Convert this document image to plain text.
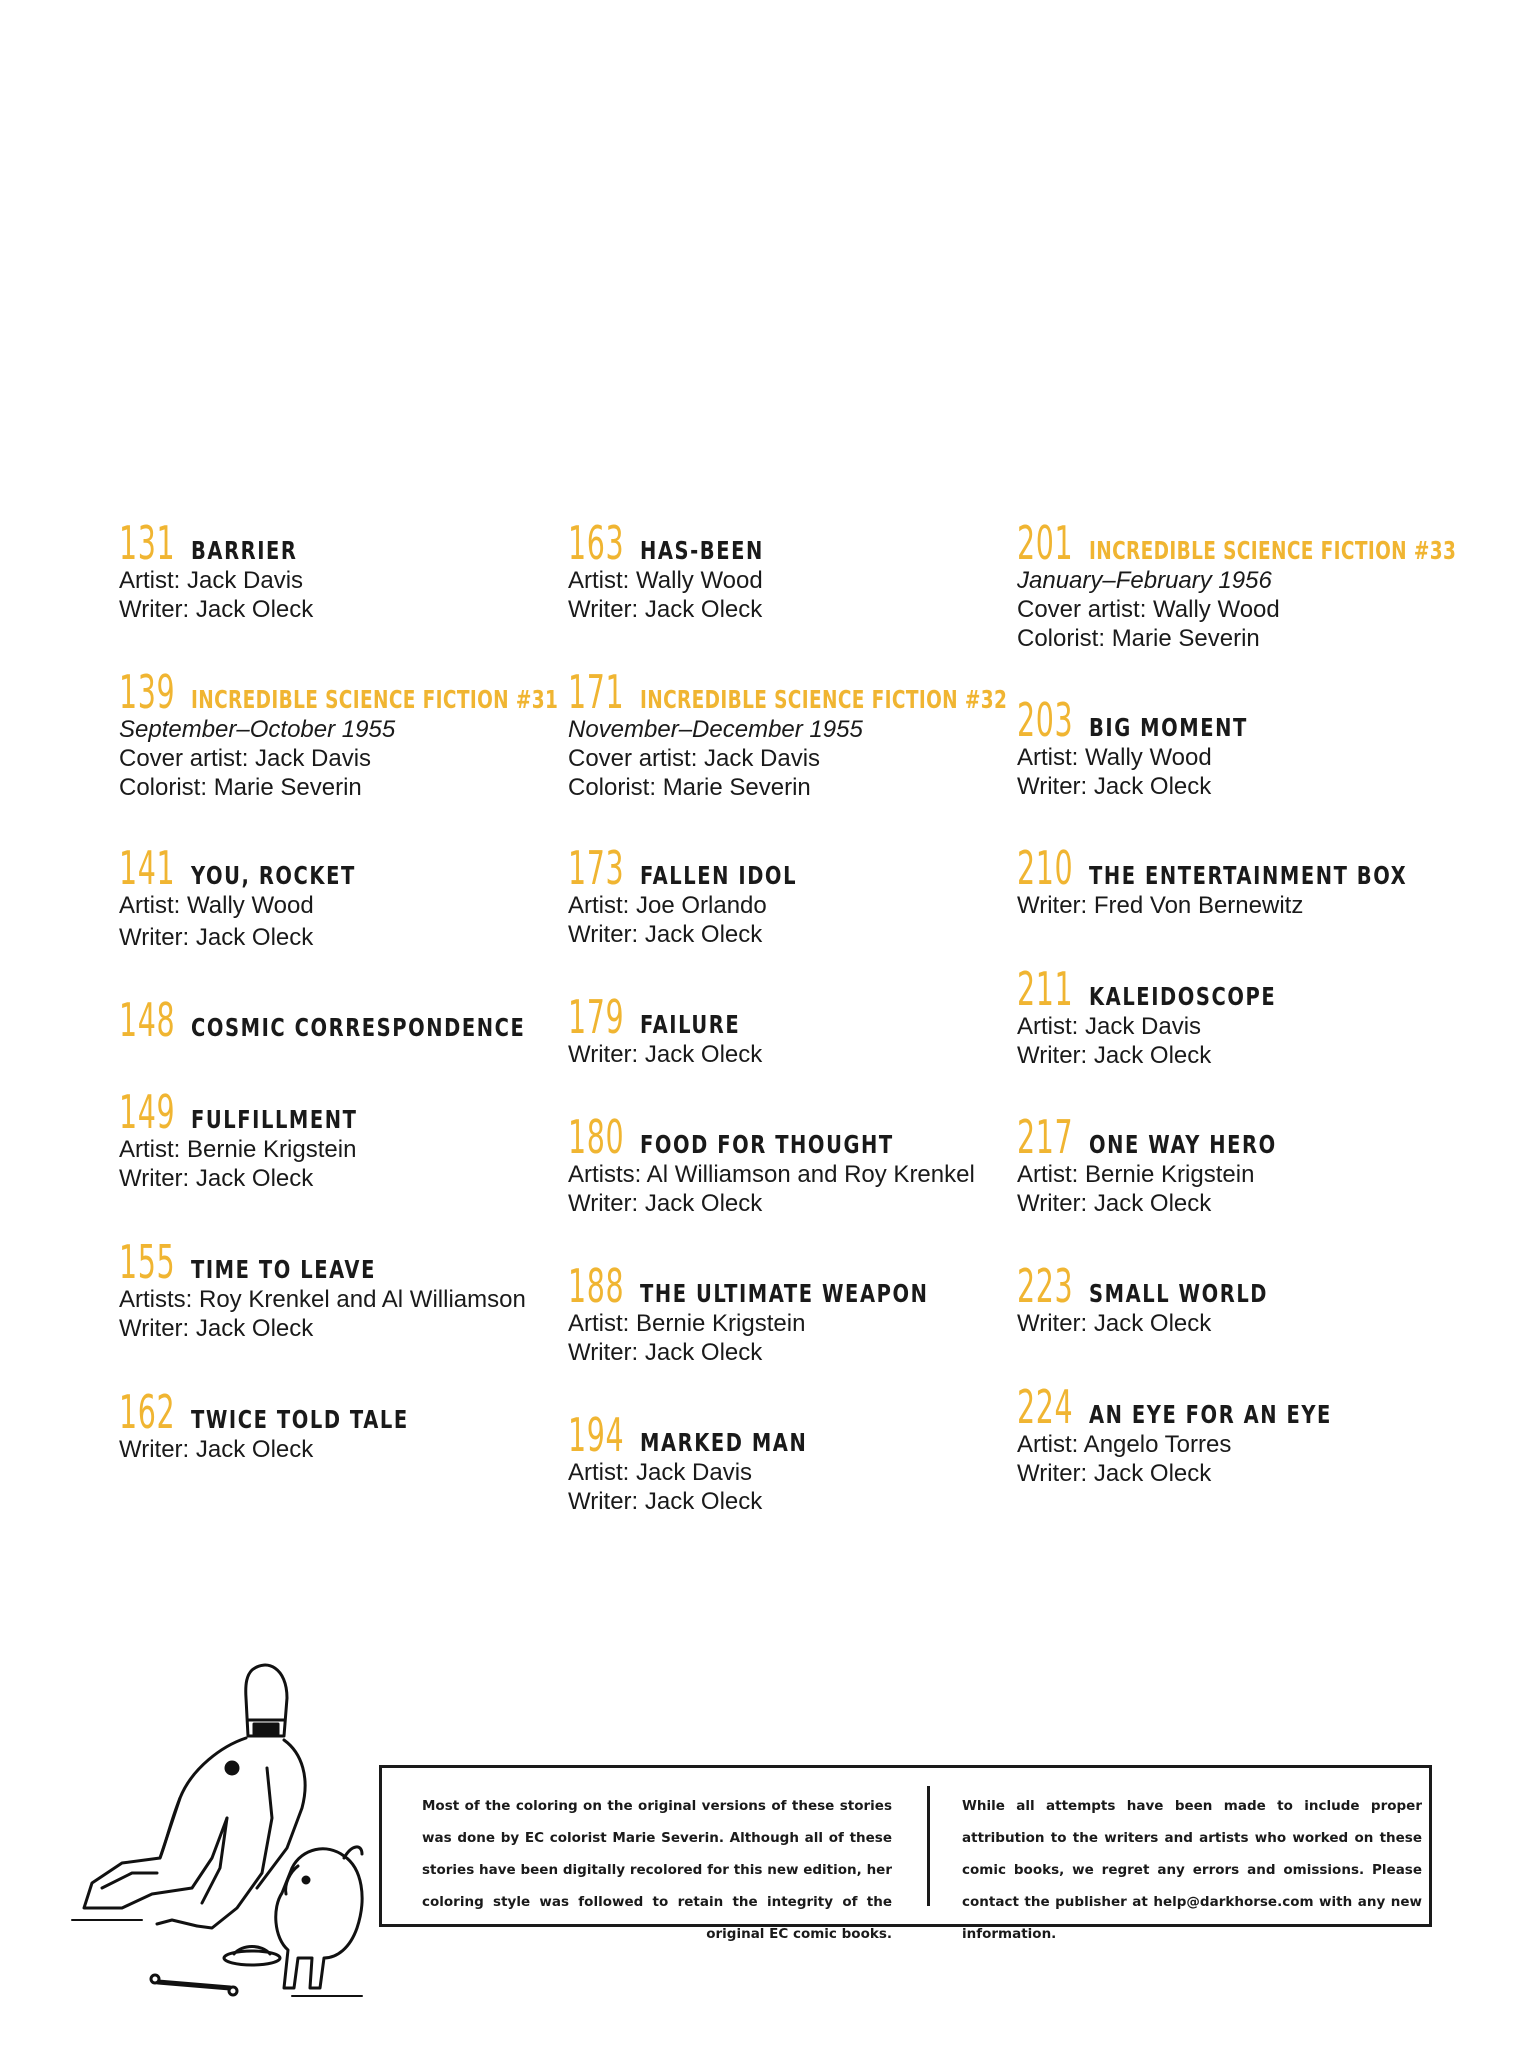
131 BARRIER
Artist: Jack Davis
Writer: Jack Oleck
139 INCREDIBLE SCIENCE FICTION #31
September–October 1955
Cover artist: Jack Davis
Colorist: Marie Severin
141 YOU, ROCKET
Artist: Wally Wood
Writer: Jack Oleck
148 COSMIC CORRESPONDENCE
149 FULFILLMENT
Artist: Bernie Krigstein
Writer: Jack Oleck
155 TIME TO LEAVE
Artists: Roy Krenkel and Al Williamson
Writer: Jack Oleck
162 TWICE TOLD TALE
Writer: Jack Oleck
163 HAS-BEEN
Artist: Wally Wood
Writer: Jack Oleck
171 INCREDIBLE SCIENCE FICTION #32
November–December 1955
Cover artist: Jack Davis
Colorist: Marie Severin
173 FALLEN IDOL
Artist: Joe Orlando
Writer: Jack Oleck
179 FAILURE
Writer: Jack Oleck
180 FOOD FOR THOUGHT
Artists: Al Williamson and Roy Krenkel
Writer: Jack Oleck
188 THE ULTIMATE WEAPON
Artist: Bernie Krigstein
Writer: Jack Oleck
194 MARKED MAN
Artist: Jack Davis
Writer: Jack Oleck
201 INCREDIBLE SCIENCE FICTION #33
January–February 1956
Cover artist: Wally Wood
Colorist: Marie Severin
203 BIG MOMENT
Artist: Wally Wood
Writer: Jack Oleck
210 THE ENTERTAINMENT BOX
Writer: Fred Von Bernewitz
211 KALEIDOSCOPE
Artist: Jack Davis
Writer: Jack Oleck
217 ONE WAY HERO
Artist: Bernie Krigstein
Writer: Jack Oleck
223 SMALL WORLD
Writer: Jack Oleck
224 AN EYE FOR AN EYE
Artist: Angelo Torres
Writer: Jack Oleck
Most of the coloring on the original versions of these stories was done by EC colorist Marie Severin. Although all of these stories have been digitally recolored for this new edition, her coloring style was followed to retain the integrity of the original EC comic books.
While all attempts have been made to include proper attribution to the writers and artists who worked on these comic books, we regret any errors and omissions. Please contact the publisher at help@darkhorse.com with any new information.
